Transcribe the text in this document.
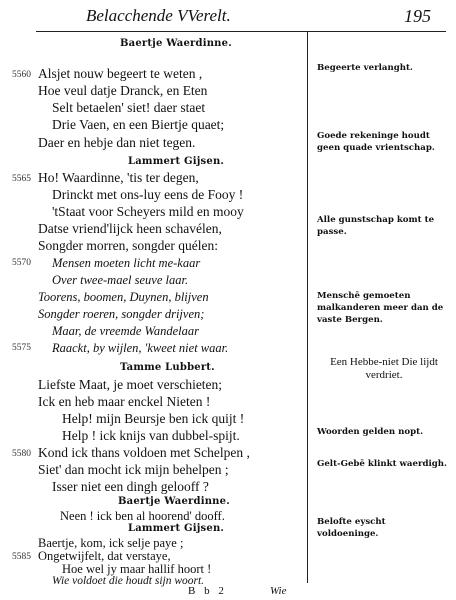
Belacchende VVerelt.	195
Baertje Waerdinne.
5560 Alsjet nouw begeert te weten ,
Hoe veul datje Dranck, en Eten
Selt betaelen' siet! daer staet
Drie Vaen, en een Biertje quaet;
Daer en hebje dan niet tegen.
Lammert Gijsen.
5565 Ho! Waardinne, 'tis ter degen,
Drinckt met ons-luy eens de Fooy !
'tStaat voor Scheyers mild en mooy
Datse vriend'lijck heen schavélen,
Songder morren, songder quélen:
5570 Mensen moeten licht me-kaar
Over twee-mael seuve laar.
Toorens, boomen, Duynen, blijven
Songder roeren, songder drijven;
Maar, de vreemde Wandelaar
5575 Raackt, by wijlen, 'kweet niet waar.
Tamme Lubbert.
Liefste Maat, je moet verschieten;
Ick en heb maar enckel Nieten !
Help! mijn Beursje ben ick quijt !
Help ! ick knijs van dubbel-spijt.
5580 Kond ick thans voldoen met Schelpen ,
Siet' dan mocht ick mijn behelpen ;
Isser niet een dingh gelooff ?
Baertje Waerdinne.
Lammert Gijsen.
5585
Begeerte verlanght.
Goede rekeninge houdt geen quade vrientschap.
Alle gunstschap komt te passe.
Menschē gemoeten malkanderen meer dan de vaste Bergen.
Een Hebbe-niet Die lijdt verdriet.
Woorden gelden nopt.
Gelt-Gebē klinkt waerdigh.
Belofte eyscht voldoeninge.
B b 2	Wie
Neen ! ick ben al hoorend' dooff.
Baertje, kom, ick selje paye ;
Ongetwijfelt, dat verstaye,
Hoe wel jy maar hallif hoort !
Wie voldoet die houdt sijn woort.
